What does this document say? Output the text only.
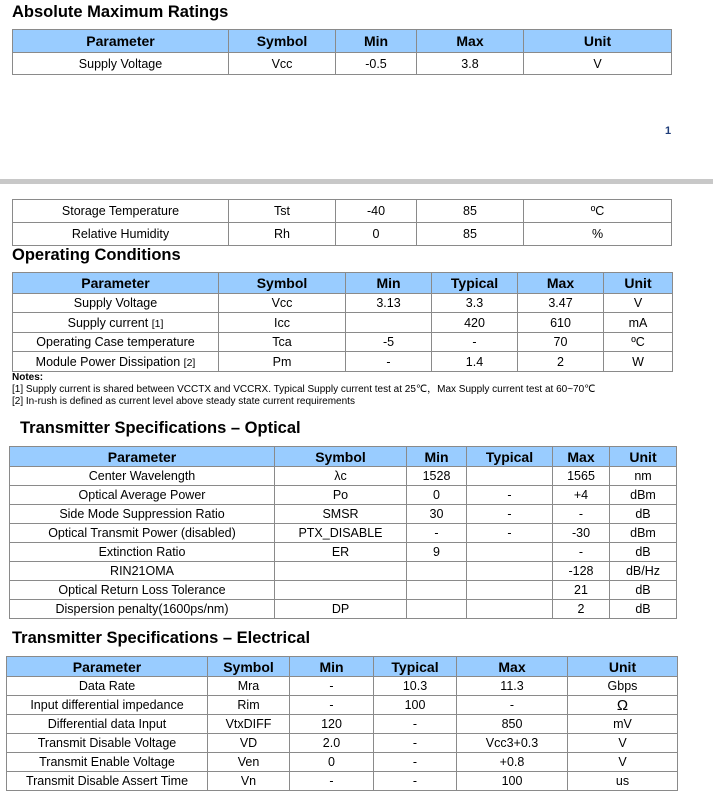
Absolute Maximum Ratings
Parameter	Symbol	Min	Max	Unit
Supply Voltage	Vcc	-0.5	3.8	V
1
Storage Temperature	Tst	-40	85	ºC
Relative Humidity	Rh	0	85	%
Operating Conditions
Parameter	Symbol	Min	Typical	Max	Unit
Supply Voltage	Vcc	3.13	3.3	3.47	V
Supply current [1]	Icc		420	610	mA
Operating Case temperature	Tca	-5	-	70	ºC
Module Power Dissipation [2]	Pm	-	1.4	2	W
Notes:
[1] Supply current is shared between VCCTX and VCCRX. Typical Supply current test at 25℃，Max Supply current test at 60~70℃
[2] In-rush is defined as current level above steady state current requirements
Transmitter Specifications – Optical
Parameter	Symbol	Min	Typical	Max	Unit
Center Wavelength	λc	1528		1565	nm
Optical Average Power	Po	0	-	+4	dBm
Side Mode Suppression Ratio	SMSR	30	-	-	dB
Optical Transmit Power (disabled)	PTX_DISABLE	-	-	-30	dBm
Extinction Ratio	ER	9		-	dB
RIN21OMA				-128	dB/Hz
Optical Return Loss Tolerance				21	dB
Dispersion penalty(1600ps/nm)	DP			2	dB
Transmitter Specifications – Electrical
Parameter	Symbol	Min	Typical	Max	Unit
Data Rate	Mra	-	10.3	11.3	Gbps
Input differential impedance	Rim	-	100	-	Ω
Differential data Input	VtxDIFF	120	-	850	mV
Transmit Disable Voltage	VD	2.0	-	Vcc3+0.3	V
Transmit Enable Voltage	Ven	0	-	+0.8	V
Transmit Disable Assert Time	Vn	-	-	100	us
